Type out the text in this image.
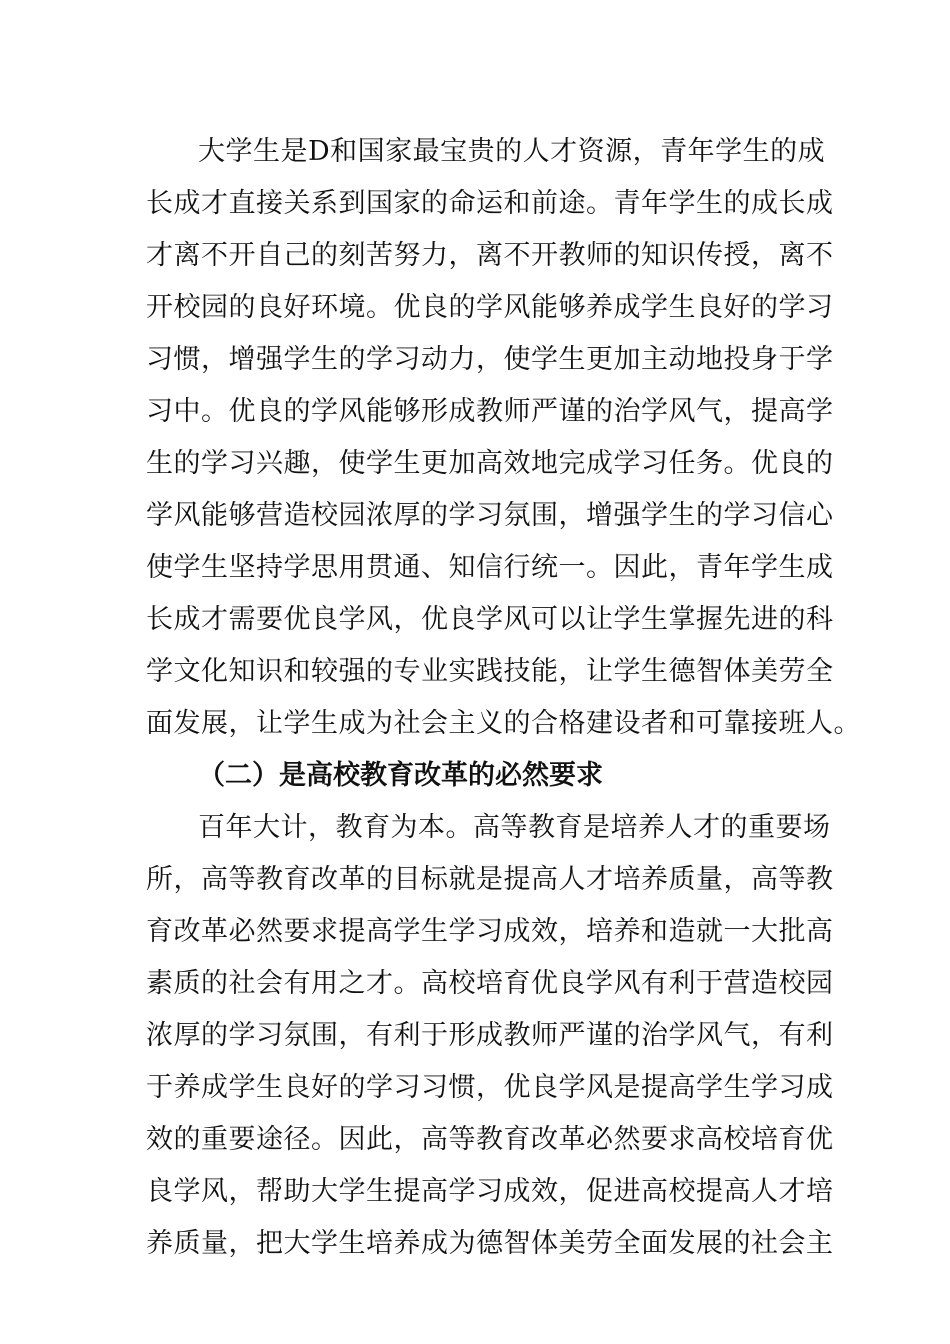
大学生是D和国家最宝贵的人才资源，青年学生的成
长成才直接关系到国家的命运和前途。青年学生的成长成
才离不开自己的刻苦努力，离不开教师的知识传授，离不
开校园的良好环境。优良的学风能够养成学生良好的学习
习惯，增强学生的学习动力，使学生更加主动地投身于学
习中。优良的学风能够形成教师严谨的治学风气，提高学
生的学习兴趣，使学生更加高效地完成学习任务。优良的
学风能够营造校园浓厚的学习氛围，增强学生的学习信心
使学生坚持学思用贯通、知信行统一。因此，青年学生成
长成才需要优良学风，优良学风可以让学生掌握先进的科
学文化知识和较强的专业实践技能，让学生德智体美劳全
面发展，让学生成为社会主义的合格建设者和可靠接班人。
（二）是高校教育改革的必然要求
百年大计，教育为本。高等教育是培养人才的重要场
所，高等教育改革的目标就是提高人才培养质量，高等教
育改革必然要求提高学生学习成效，培养和造就一大批高
素质的社会有用之才。高校培育优良学风有利于营造校园
浓厚的学习氛围，有利于形成教师严谨的治学风气，有利
于养成学生良好的学习习惯，优良学风是提高学生学习成
效的重要途径。因此，高等教育改革必然要求高校培育优
良学风，帮助大学生提高学习成效，促进高校提高人才培
养质量，把大学生培养成为德智体美劳全面发展的社会主
